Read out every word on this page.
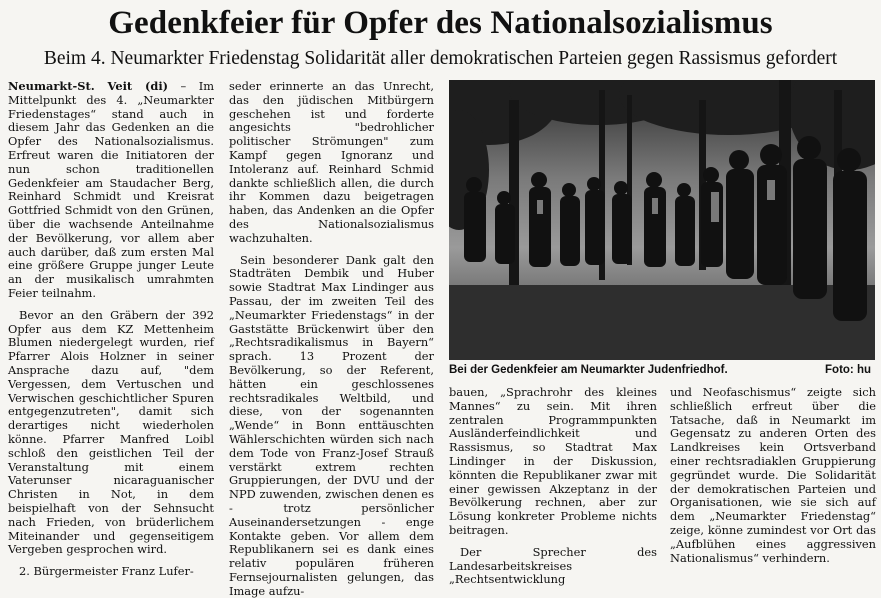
Gedenkfeier für Opfer des Nationalsozialismus
Beim 4. Neumarkter Friedenstag Solidarität aller demokratischen Parteien gegen Rassismus gefordert

Neumarkt-St. Veit (di) – Im Mittelpunkt des 4. „Neumarkter Friedenstages“ stand auch in diesem Jahr das Gedenken an die Opfer des Nationalsozialismus. Erfreut waren die Initiatoren der nun schon traditionellen Gedenkfeier am Staudacher Berg, Reinhard Schmidt und Kreisrat Gottfried Schmidt von den Grünen, über die wachsende Anteilnahme der Bevölkerung, vor allem aber auch darüber, daß zum ersten Mal eine größere Gruppe junger Leute an der musikalisch umrahmten Feier teilnahm.

Bevor an den Gräbern der 392 Opfer aus dem KZ Mettenheim Blumen niedergelegt wurden, rief Pfarrer Alois Holzner in seiner Ansprache dazu auf, "dem Vergessen, dem Vertuschen und Verwischen geschichtlicher Spuren entgegenzutreten", damit sich derartiges nicht wiederholen könne. Pfarrer Manfred Loibl schloß den geistlichen Teil der Veranstaltung mit einem Vaterunser nicaraguanischer Christen in Not, in dem beispielhaft von der Sehnsucht nach Frieden, von brüderlichem Miteinander und gegenseitigem Vergeben gesprochen wird.

2. Bürgermeister Franz Lufer-

seder erinnerte an das Unrecht, das den jüdischen Mitbürgern geschehen ist und forderte angesichts "bedrohlicher politischer Strömungen" zum Kampf gegen Ignoranz und Intoleranz auf. Reinhard Schmid dankte schließlich allen, die durch ihr Kommen dazu beigetragen haben, das Andenken an die Opfer des Nationalsozialismus wachzuhalten.

Sein besonderer Dank galt den Stadträten Dembik und Huber sowie Stadtrat Max Lindinger aus Passau, der im zweiten Teil des „Neumarkter Friedenstags“ in der Gaststätte Brückenwirt über den „Rechtsradikalismus in Bayern“ sprach. 13 Prozent der Bevölkerung, so der Referent, hätten ein geschlossenes rechtsradikales Weltbild, und diese, von der sogenannten „Wende“ in Bonn enttäuschten Wählerschichten würden sich nach dem Tode von Franz-Josef Strauß verstärkt extrem rechten Gruppierungen, der DVU und der NPD zuwenden, zwischen denen es - trotz persönlicher Auseinandersetzungen - enge Kontakte geben. Vor allem dem Republikanern sei es dank eines relativ populären früheren Fernsejournalisten gelungen, das Image aufzu-

Bei der Gedenkfeier am Neumarkter Judenfriedhof.	Foto: hu

bauen, „Sprachrohr des kleines Mannes“ zu sein. Mit ihren zentralen Programmpunkten Ausländerfeindlichkeit und Rassismus, so Stadtrat Max Lindinger in der Diskussion, könnten die Republikaner zwar mit einer gewissen Akzeptanz in der Bevölkerung rechnen, aber zur Lösung konkreter Probleme nichts beitragen.

Der Sprecher des Landesarbeitskreises „Rechtsentwicklung

und Neofaschismus“ zeigte sich schließlich erfreut über die Tatsache, daß in Neumarkt im Gegensatz zu anderen Orten des Landkreises kein Ortsverband einer rechtsradiaklen Gruppierung gegründet wurde. Die Solidarität der demokratischen Parteien und Organisationen, wie sie sich auf dem „Neumarkter Friedenstag“ zeige, könne zumindest vor Ort das „Aufblühen eines aggressiven Nationalismus“ verhindern.
